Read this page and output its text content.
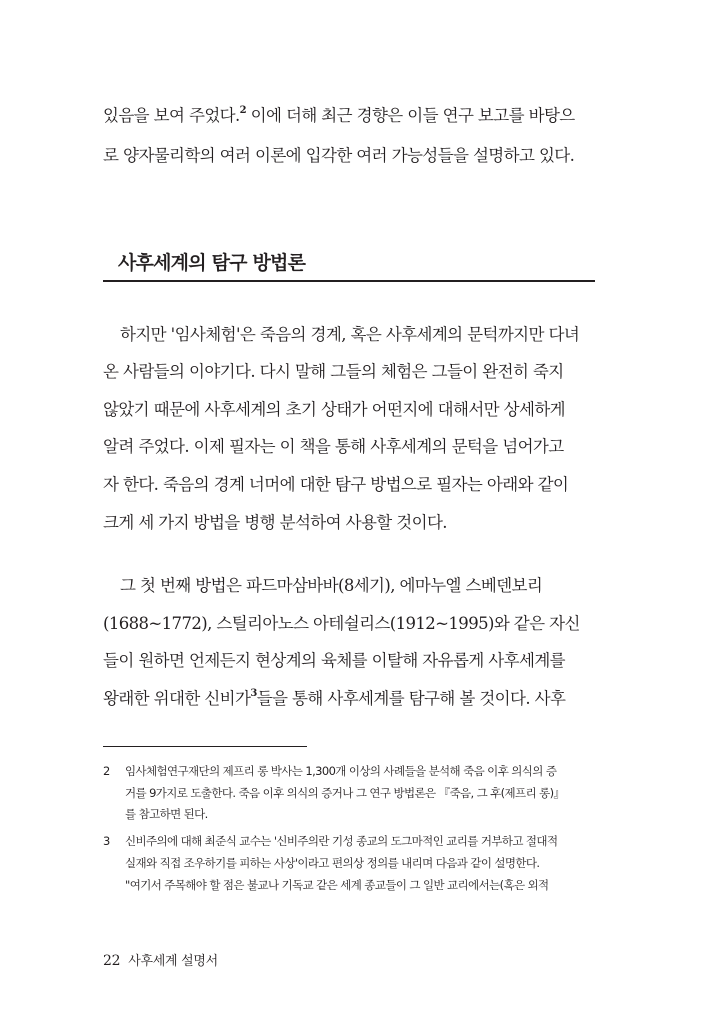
있음을 보여 주었다.$^2$ 이에 더해 최근 경향은 이들 연구 보고를 바탕으
로 양자물리학의 여러 이론에 입각한 여러 가능성들을 설명하고 있다.
사후세계의 탐구 방법론
하지만 '임사체험'은 죽음의 경계, 혹은 사후세계의 문턱까지만 다녀
온 사람들의 이야기다. 다시 말해 그들의 체험은 그들이 완전히 죽지
않았기 때문에 사후세계의 초기 상태가 어떤지에 대해서만 상세하게
알려 주었다. 이제 필자는 이 책을 통해 사후세계의 문턱을 넘어가고
자 한다. 죽음의 경계 너머에 대한 탐구 방법으로 필자는 아래와 같이
크게 세 가지 방법을 병행 분석하여 사용할 것이다.
그 첫 번째 방법은 파드마삼바바(8세기), 에마누엘 스베덴보리
(1688~1772), 스틸리아노스 아테쉴리스(1912~1995)와 같은 자신
들이 원하면 언제든지 현상계의 육체를 이탈해 자유롭게 사후세계를
왕래한 위대한 신비가$^3$들을 통해 사후세계를 탐구해 볼 것이다. 사후
2 임사체험연구재단의 제프리 롱 박사는 1,300개 이상의 사례들을 분석해 죽음 이후 의식의 증
거를 9가지로 도출한다. 죽음 이후 의식의 증거나 그 연구 방법론은 『죽음, 그 후(제프리 롱)』
를 참고하면 된다.
3 신비주의에 대해 최준식 교수는 '신비주의란 기성 종교의 도그마적인 교리를 거부하고 절대적
실재와 직접 조우하기를 피하는 사상'이라고 편의상 정의를 내리며 다음과 같이 설명한다.
"여기서 주목해야 할 점은 불교나 기독교 같은 세계 종교들이 그 일반 교리에서는(혹은 외적
22 사후세계 설명서
